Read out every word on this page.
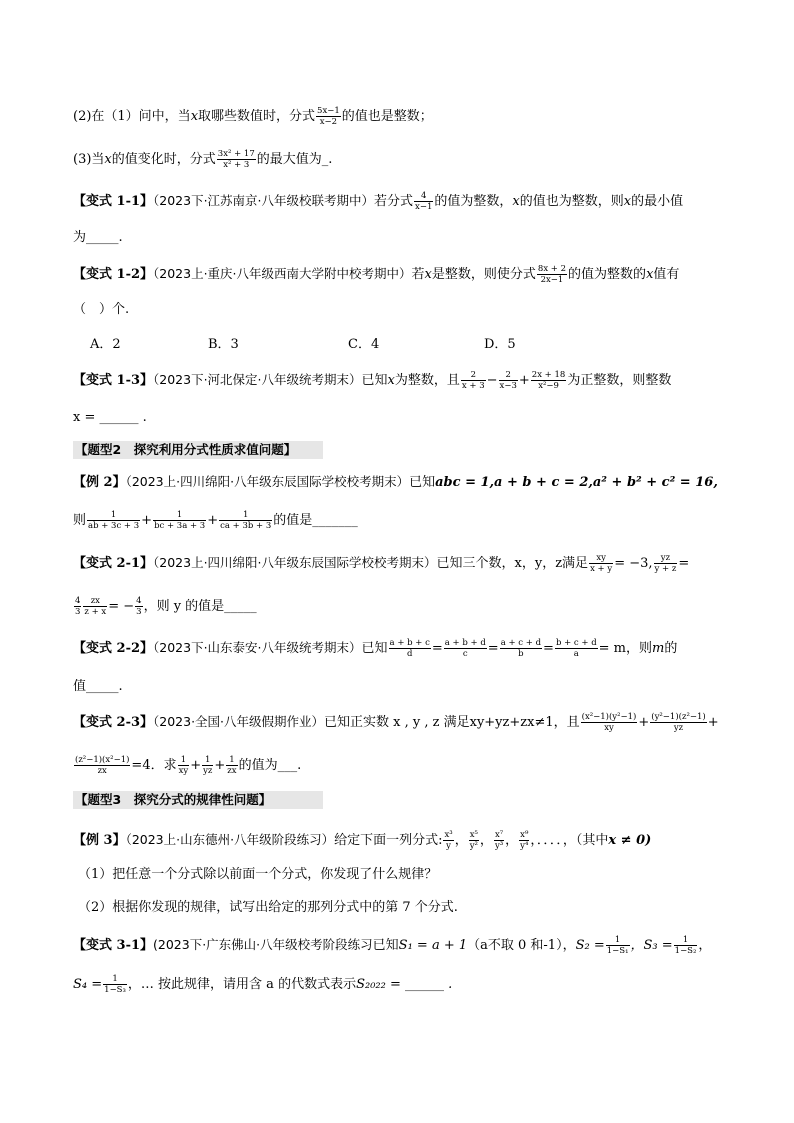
(2)在（1）问中，当x取哪些数值时，分式 $\frac{5x-1}{x-2}$ 的值也是整数；
(3)当x的值变化时，分式 $\frac{\text{3x² + 17}}{\text{x² + 3}}$ 的最大值为_.
【变式 1-1】（2023下·江苏南京·八年级校联考期中）若分式 $\frac{4}{x-1}$ 的值为整数，x的值也为整数，则x的最小值
为_____.
【变式 1-2】（2023上·重庆·八年级西南大学附中校考期中）若x是整数，则使分式 $\frac{8x + 2}{2x-1}$ 的值为整数的x值有
（　）个.
A．2	B．3	C．4	D．5
【变式 1-3】（2023下·河北保定·八年级统考期末）已知x为整数，且 $\frac{2}{x + 3} - \frac{2}{x-3} + \frac{2x + 18}{\text{x²−9}}$ 为正整数，则整数
x = ______ .
【题型2　探究利用分式性质求值问题】
【例 2】（2023上·四川绵阳·八年级东辰国际学校校考期末）已知abc = 1,a + b + c = 2,a² + b² + c² = 16,
则 $\frac{1}{ab + 3c + 3} + \frac{1}{bc + 3a + 3} + \frac{1}{ca + 3b + 3}$ 的值是_______
【变式 2-1】（2023上·四川绵阳·八年级东辰国际学校校考期末）已知三个数，x，y，z满足 $\frac{xy}{x + y} = -3$, $\frac{yz}{y + z}$ =
$\frac{4}{3} \frac{zx}{z + x}$ = − $\frac{4}{3}$ ，则 y 的值是_____
【变式 2-2】（2023下·山东泰安·八年级统考期末）已知 $\frac{a + b + c}{d} = \frac{a + b + d}{c} = \frac{a + c + d}{b} = \frac{b + c + d}{a} = m$，则m的
值_____.
【变式 2-3】（2023·全国·八年级假期作业）已知正实数 x , y , z 满足xy+yz+zx≠1，且 $\frac{\text{(x²−1)(y²−1)}}{xy} + \frac{\text{(y²−1)(z²−1)}}{yz}$ +
$\frac{\text{(z²−1)(x²−1)}}{zx} =4$．求 $\frac{1}{xy} + \frac{1}{yz} + \frac{1}{zx}$ 的值为___.
【题型3　探究分式的规律性问题】
【例 3】（2023上·山东德州·八年级阶段练习）给定下面一列分式: $\frac{\text{x³}}{y}$ ， $\frac{\text{x⁵}}{\text{y²}}$ ， $\frac{\text{x⁷}}{\text{y³}}$ ， $\frac{\text{x⁹}}{\text{y⁴}}$ ，．．．．，（其中x ≠ 0)
（1）把任意一个分式除以前面一个分式，你发现了什么规律？
（2）根据你发现的规律，试写出给定的那列分式中的第 7 个分式.
【变式 3-1】(2023下·广东佛山·八年级校考阶段练习已知S₁ = a + 1（a不取 0 和-1），$S_2 = \frac{1}{\text{1−S₁}}$ ，$S_3 = \frac{1}{\text{1−S₂}}$ ，
$S_4 = \frac{1}{\text{1−S₃}}$ ，… 按此规律，请用含 a 的代数式表示S₂₀₂₂ = ______ .
